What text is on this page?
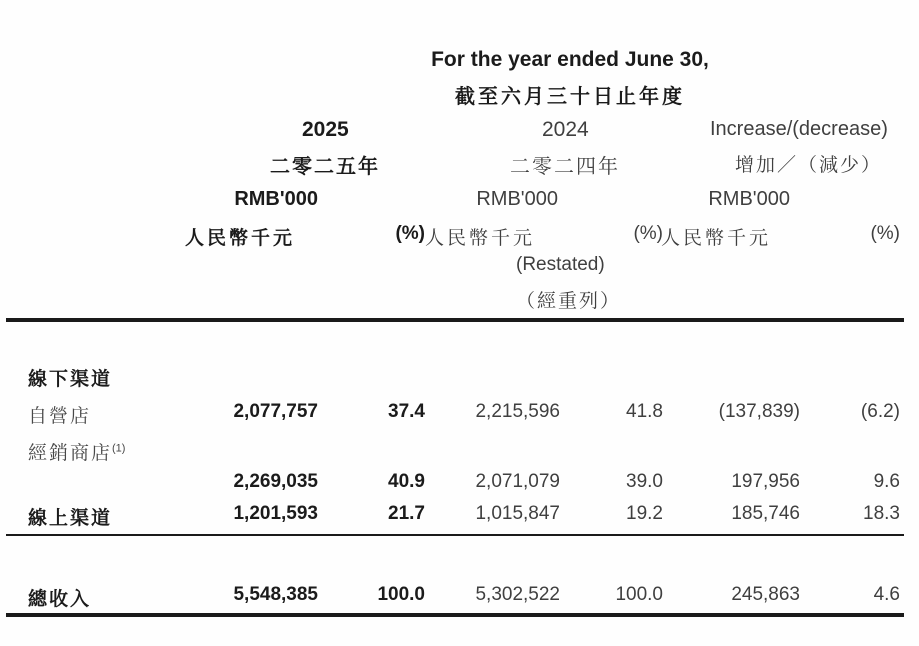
For the year ended June 30,
截至六月三十日止年度
2025
二零二五年
RMB'000
人民幣千元	(%)
2024
二零二四年
RMB'000
人民幣千元	(%)
(Restated)
（經重列）
Increase/(decrease)
增加／（減少）
RMB'000
人民幣千元	(%)
線下渠道
自營店	2,077,757	37.4	2,215,596	41.8	(137,839)	(6.2)
經銷商店$^{(1)}$
2,269,035	40.9	2,071,079	39.0	197,956	9.6
線上渠道	1,201,593	21.7	1,015,847	19.2	185,746	18.3
總收入	5,548,385	100.0	5,302,522	100.0	245,863	4.6
